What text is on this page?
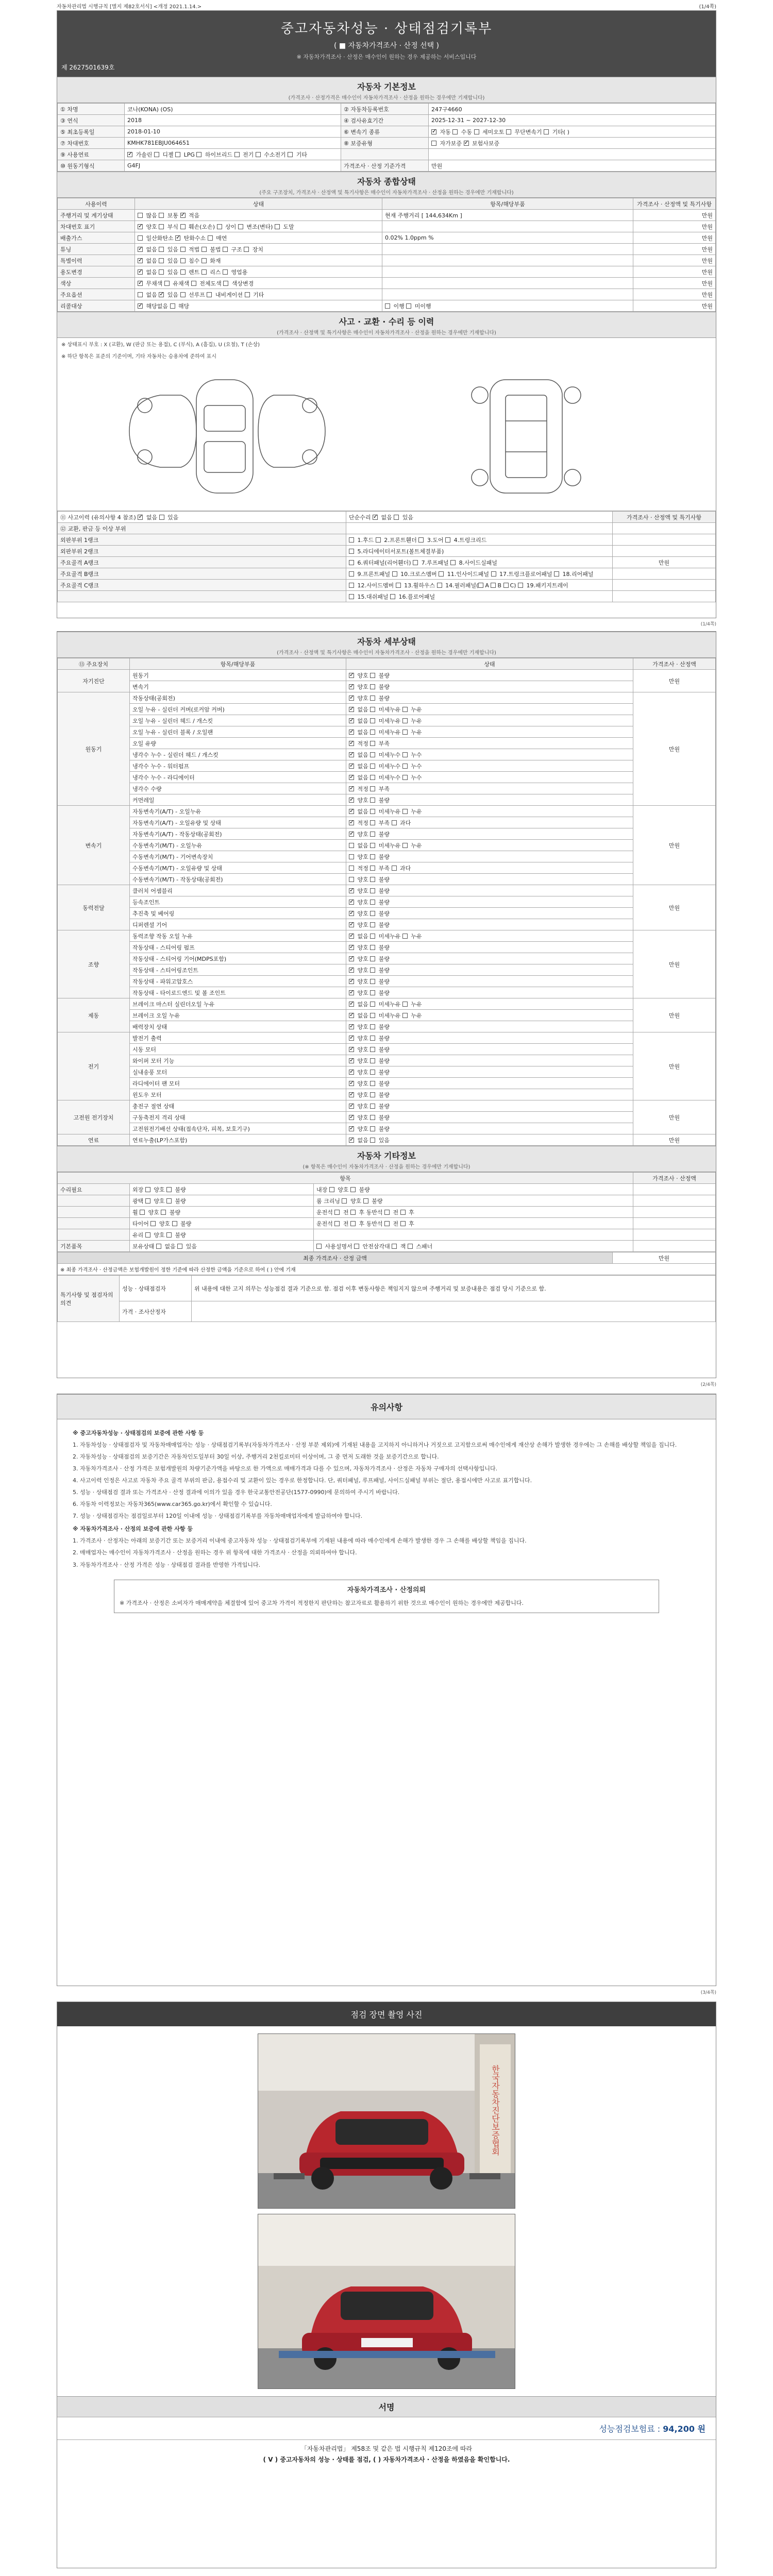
자동차관리법 시행규칙 [별지 제82호서식] <개정 2021.1.14.>	(1/4쪽)
중고자동차성능 · 상태점검기록부
( ■ 자동차가격조사 · 산정 선택 )
※ 자동차가격조사 · 산정은 매수인이 원하는 경우 제공하는 서비스입니다
제 2627501639호
자동차 기본정보
(가격조사 · 산정가격은 매수인이 자동차가격조사 · 산정을 원하는 경우에만 기재합니다)
① 차명	코나(KONA) (OS)	② 자동차등록번호	247구4660
③ 연식	2018	④ 검사유효기간	2025-12-31 ~ 2027-12-30
⑤ 최초등록일	2018-01-10	⑥ 변속기 종류	✓ 자동  수동  세미오토  무단변속기  기타( )
⑦ 차대번호	KMHK781EBJU064651	⑧ 보증유형	자가보증 ✓ 보험사보증
⑨ 사용연료	✓ 가솔린  디젤  LPG  하이브리드  전기  수소전기  기타		
⑩ 원동기형식	G4FJ	가격조사 · 산정 기준가격	만원
자동차 종합상태
(주요 구조장치, 가격조사 · 산정액 및 특기사항은 매수인이 자동차가격조사 · 산정을 원하는 경우에만 기재합니다)
사용이력	상태	항목/해당부품	가격조사 · 산정액 및 특기사항
주행거리 및 계기상태	많음  보통 ✓ 적음	현재 주행거리 [ 144,634Km ]	만원
차대번호 표기	✓ 양호  부식  훼손(오손)  상이  변조(변타)  도말		만원
배출가스	일산화탄소 ✓ 탄화수소  매연	0.02% 1.0ppm %	만원
튜닝	✓ 없음  있음  적법  불법  구조  장치		만원
특별이력	✓ 없음  있음  침수  화재		만원
용도변경	✓ 없음  있음  렌트  리스  영업용		만원
색상	✓ 무채색  유채색  전체도색  색상변경		만원
주요옵션	없음 ✓ 있음  선루프  내비게이션  기타		만원
리콜대상	✓ 해당없음  해당	이행  미이행	만원
사고 · 교환 · 수리 등 이력
(가격조사 · 산정액 및 특기사항은 매수인이 자동차가격조사 · 산정을 원하는 경우에만 기재합니다)
※ 상태표시 부호 : X (교환), W (판금 또는 용접), C (부식), A (흠집), U (요철), T (손상)
※ 하단 항목은 표준의 기준이며, 기타 자동차는 승용차에 준하여 표시
⑪ 사고이력 (유의사항 4 참조) ✓ 없음  있음	단순수리 ✓ 없음  있음	가격조사 · 산정액 및 특기사항
⑫ 교환, 판금 등 이상 부위		
외판부위 1랭크	1.후드  2.프론트휀더  3.도어  4.트렁크리드	
외판부위 2랭크	5.라디에이터서포트(볼트체결부품)	
주요골격 A랭크	6.쿼터패널(리어휀더)  7.루프패널  8.사이드실패널	만원
주요골격 B랭크	9.프론트패널  10.크로스멤버  11.인사이드패널  17.트렁크플로어패널  18.리어패널	
주요골격 C랭크	12.사이드멤버  13.휠하우스  14.필러패널( A B C)  19.패키지트레이	
	15.대쉬패널  16.플로어패널	
(1/4쪽)
자동차 세부상태
(가격조사 · 산정액 및 특기사항은 매수인이 자동차가격조사 · 산정을 원하는 경우에만 기재합니다)
⑬ 주요장치	항목/해당부품	상태	가격조사 · 산정액
자기진단	원동기	✓ 양호  불량	만원
	변속기	✓ 양호  불량
원동기	작동상태(공회전)	✓ 양호  불량	만원
	오일 누유 - 실린더 커버(로커암 커버)	✓ 없음  미세누유  누유
	오일 누유 - 실린더 헤드 / 개스킷	✓ 없음  미세누유  누유
	오일 누유 - 실린더 블록 / 오일팬	✓ 없음  미세누유  누유
	오일 유량	✓ 적정  부족
	냉각수 누수 - 실린더 헤드 / 개스킷	✓ 없음  미세누수  누수
	냉각수 누수 - 워터펌프	✓ 없음  미세누수  누수
	냉각수 누수 - 라디에이터	✓ 없음  미세누수  누수
	냉각수 수량	✓ 적정  부족
	커먼레일	✓ 양호  불량
변속기	자동변속기(A/T) - 오일누유	✓ 없음  미세누유  누유	만원
	자동변속기(A/T) - 오일유량 및 상태	✓ 적정  부족  과다
	자동변속기(A/T) - 작동상태(공회전)	✓ 양호  불량
	수동변속기(M/T) - 오일누유	없음  미세누유  누유	
	수동변속기(M/T) - 기어변속장치	양호  불량	
	수동변속기(M/T) - 오일유량 및 상태	적정  부족  과다	
	수동변속기(M/T) - 작동상태(공회전)	양호  불량	
동력전달	클러치 어셈블리	✓ 양호  불량	만원
	등속조인트	✓ 양호  불량
	추진축 및 베어링	✓ 양호  불량
	디퍼렌셜 기어	✓ 양호  불량
조향	동력조향 작동 오일 누유	✓ 없음  미세누유  누유	만원
	작동상태 - 스티어링 펌프	✓ 양호  불량
	작동상태 - 스티어링 기어(MDPS포함)	✓ 양호  불량
	작동상태 - 스티어링조인트	✓ 양호  불량
	작동상태 - 파워고압호스	✓ 양호  불량
	작동상태 - 타이로드엔드 및 볼 조인트	✓ 양호  불량
제동	브레이크 마스터 실린더오일 누유	✓ 없음  미세누유  누유	만원
	브레이크 오일 누유	✓ 없음  미세누유  누유
	배력장치 상태	✓ 양호  불량
전기	발전기 출력	✓ 양호  불량	만원
	시동 모터	✓ 양호  불량
	와이퍼 모터 기능	✓ 양호  불량
	실내송풍 모터	✓ 양호  불량
	라디에이터 팬 모터	✓ 양호  불량
	윈도우 모터	✓ 양호  불량
고전원 전기장치	충전구 절연 상태	✓ 양호  불량	만원
	구동축전지 격리 상태	✓ 양호  불량
	고전원전기배선 상태(접속단자, 피복, 보호기구)	✓ 양호  불량
연료	연료누출(LP가스포함)	✓ 없음  있음	만원
자동차 기타정보
(※ 항목은 매수인이 자동차가격조사 · 산정을 원하는 경우에만 기재합니다)
항목			가격조사 · 산정액
수리필요	외장  양호  불량	내장  양호  불량	
	광택  양호  불량	룸 크리닝  양호  불량	
	휠  양호  불량	운전석  전  후 동반석  전  후	
	타이어  양호  불량	운전석  전  후 동반석  전  후	
	유리  양호  불량		
기본품목	보유상태  없음  있음	사용설명서  안전삼각대  잭  스패너	
최종 가격조사 · 산정 금액	만원
※ 최종 가격조사 · 산정금액은 보험개발원이 정한 기준에 따라 산정한 금액을 기준으로 하여 ( ) 안에 기재
특기사항 및 점검자의 의견	성능 · 상태점검자	위 내용에 대한 고지 의무는 성능점검 결과 기준으로 함. 점검 이후 변동사항은 책임지지 않으며 주행거리 및 보증내용은 점검 당시 기준으로 함.
	가격 · 조사산정자	
(2/4쪽)
유의사항
※ 중고자동차성능 · 상태점검의 보증에 관한 사항 등

1. 자동차성능 · 상태점검자 및 자동차매매업자는 성능 · 상태점검기록부(자동차가격조사 · 산정 부분 제외)에 기재된 내용을 고지하지 아니하거나 거짓으로 고지함으로써 매수인에게 재산상 손해가 발생한 경우에는 그 손해를 배상할 책임을 집니다.

2. 자동차성능 · 상태점검의 보증기간은 자동차인도일부터 30일 이상, 주행거리 2천킬로미터 이상이며, 그 중 먼저 도래한 것을 보증기간으로 합니다.

3. 자동차가격조사 · 산정 가격은 보험개발원의 차량기준가액을 바탕으로 한 가액으로 매매가격과 다를 수 있으며, 자동차가격조사 · 산정은 자동차 구매자의 선택사항입니다.

4. 사고이력 인정은 사고로 자동차 주요 골격 부위의 판금, 용접수리 및 교환이 있는 경우로 한정합니다. 단, 쿼터패널, 루프패널, 사이드실패널 부위는 절단, 용접시에만 사고로 표기합니다.

5. 성능 · 상태점검 결과 또는 가격조사 · 산정 결과에 이의가 있을 경우 한국교통안전공단(1577-0990)에 문의하여 주시기 바랍니다.

6. 자동차 이력정보는 자동차365(www.car365.go.kr)에서 확인할 수 있습니다.

7. 성능 · 상태점검자는 점검일로부터 120일 이내에 성능 · 상태점검기록부를 자동차매매업자에게 발급하여야 합니다.

※ 자동차가격조사 · 산정의 보증에 관한 사항 등

1. 가격조사 · 산정자는 아래의 보증기간 또는 보증거리 이내에 중고자동차 성능 · 상태점검기록부에 기재된 내용에 따라 매수인에게 손해가 발생한 경우 그 손해를 배상할 책임을 집니다.

2. 매매업자는 매수인이 자동차가격조사 · 산정을 원하는 경우 위 항목에 대한 가격조사 · 산정을 의뢰하여야 합니다.

3. 자동차가격조사 · 산정 가격은 성능 · 상태점검 결과를 반영한 가격입니다.

자동차가격조사 · 산정의뢰
※ 가격조사 · 산정은 소비자가 매매계약을 체결함에 있어 중고차 가격이 적정한지 판단하는 참고자료로 활용하기 위한 것으로 매수인이 원하는 경우에만 제공합니다.
(3/4쪽)
점검 장면 촬영 사진
한국자동차진단보증협회
서명
성능점검보험료 : 94,200 원
「자동차관리법」 제58조 및 같은 법 시행규칙 제120조에 따라
( V ) 중고자동차의 성능 · 상태를 점검, ( ) 자동차가격조사 · 산정을 하였음을 확인합니다.
